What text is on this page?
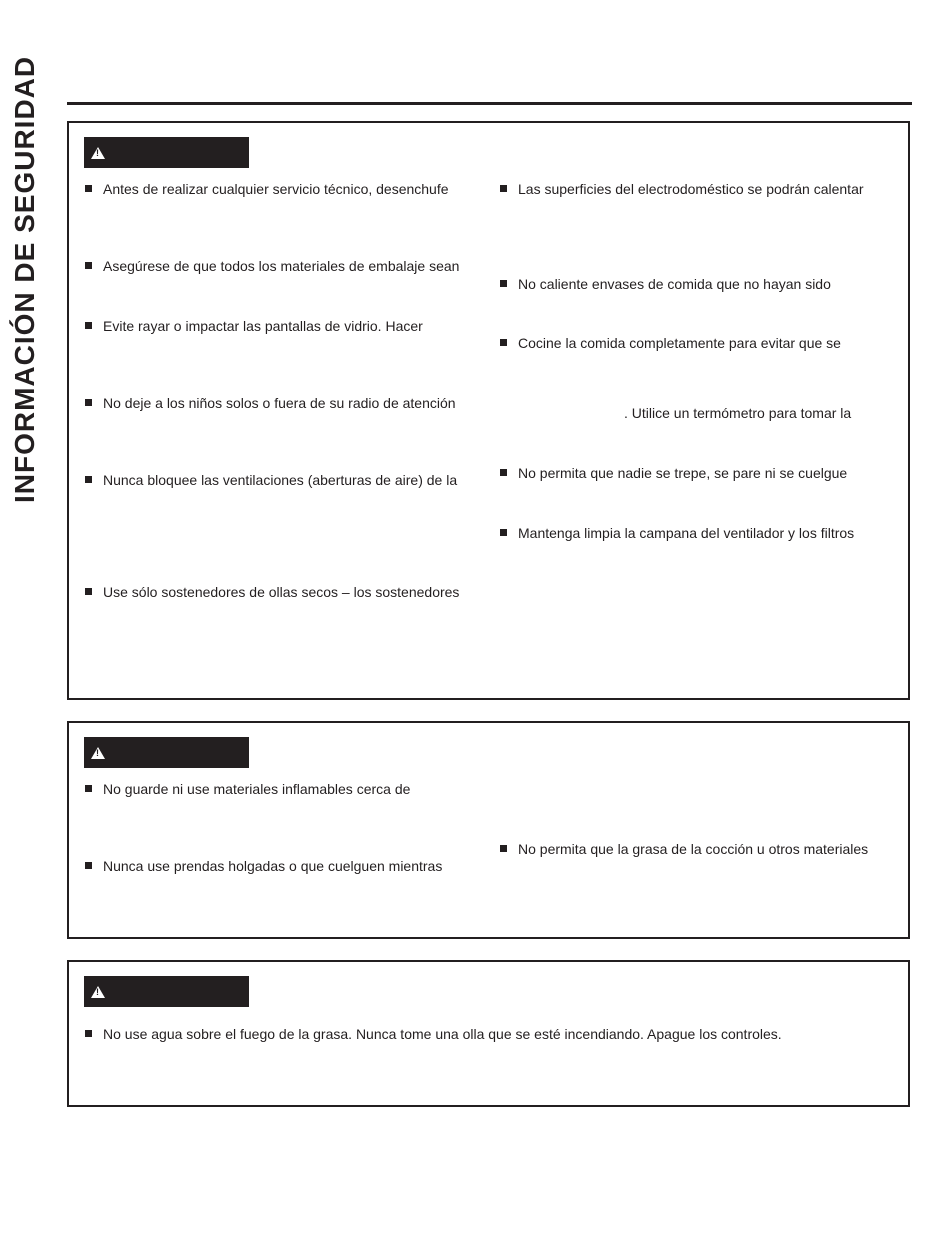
INFORMACIÓN DE SEGURIDAD
!	Antes de realizar cualquier servicio técnico, desenchufe
Asegúrese de que todos los materiales de embalaje sean
Evite rayar o impactar las pantallas de vidrio. Hacer
No deje a los niños solos o fuera de su radio de atención
Nunca bloquee las ventilaciones (aberturas de aire) de la
Use sólo sostenedores de ollas secos – los sostenedores
Las superficies del electrodoméstico se podrán calentar
No caliente envases de comida que no hayan sido
Cocine la comida completamente para evitar que se
. Utilice un termómetro para tomar la
No permita que nadie se trepe, se pare ni se cuelgue
Mantenga limpia la campana del ventilador y los filtros
!
No guarde ni use materiales inflamables cerca de
Nunca use prendas holgadas o que cuelguen mientras
No permita que la grasa de la cocción u otros materiales
!
No use agua sobre el fuego de la grasa. Nunca tome una olla que se esté incendiando. Apague los controles.
